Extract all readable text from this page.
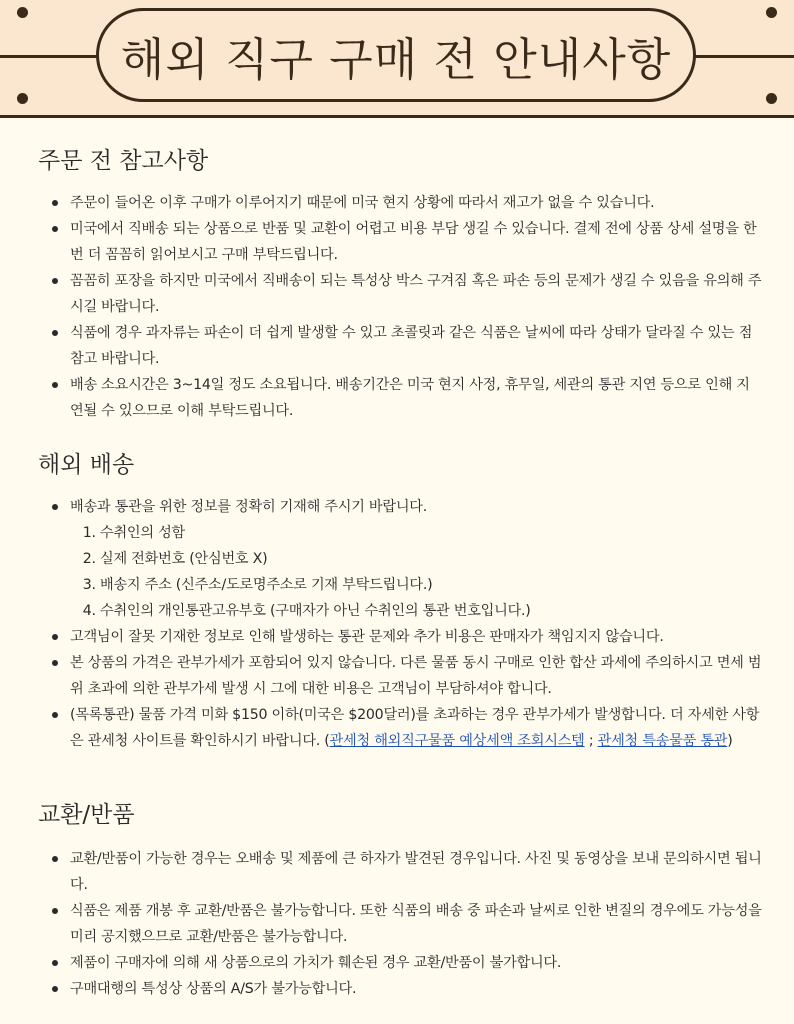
해외 직구 구매 전 안내사항
주문 전 참고사항
주문이 들어온 이후 구매가 이루어지기 때문에 미국 현지 상황에 따라서 재고가 없을 수 있습니다.
미국에서 직배송 되는 상품으로 반품 및 교환이 어렵고 비용 부담 생길 수 있습니다. 결제 전에 상품 상세 설명을 한 번 더 꼼꼼히 읽어보시고 구매 부탁드립니다.
꼼꼼히 포장을 하지만 미국에서 직배송이 되는 특성상 박스 구겨짐 혹은 파손 등의 문제가 생길 수 있음을 유의해 주시길 바랍니다.
식품에 경우 과자류는 파손이 더 쉽게 발생할 수 있고 초콜릿과 같은 식품은 날씨에 따라 상태가 달라질 수 있는 점 참고 바랍니다.
배송 소요시간은 3~14일 정도 소요됩니다. 배송기간은 미국 현지 사정, 휴무일, 세관의 통관 지연 등으로 인해 지연될 수 있으므로 이해 부탁드립니다.
해외 배송
배송과 통관을 위한 정보를 정확히 기재해 주시기 바랍니다.
1. 수취인의 성함
2. 실제 전화번호 (안심번호 X)
3. 배송지 주소 (신주소/도로명주소로 기재 부탁드립니다.)
4. 수취인의 개인통관고유부호 (구매자가 아닌 수취인의 통관 번호입니다.)
고객님이 잘못 기재한 정보로 인해 발생하는 통관 문제와 추가 비용은 판매자가 책임지지 않습니다.
본 상품의 가격은 관부가세가 포함되어 있지 않습니다. 다른 물품 동시 구매로 인한 합산 과세에 주의하시고 면세 범위 초과에 의한 관부가세 발생 시 그에 대한 비용은 고객님이 부담하셔야 합니다.
(목록통관) 물품 가격 미화 $150 이하(미국은 $200달러)를 초과하는 경우 관부가세가 발생합니다. 더 자세한 사항은 관세청 사이트를 확인하시기 바랍니다. (관세청 해외직구물품 예상세액 조회시스템 ; 관세청 특송물품 통관)
교환/반품
교환/반품이 가능한 경우는 오배송 및 제품에 큰 하자가 발견된 경우입니다. 사진 및 동영상을 보내 문의하시면 됩니다.
식품은 제품 개봉 후 교환/반품은 불가능합니다. 또한 식품의 배송 중 파손과 날씨로 인한 변질의 경우에도 가능성을 미리 공지했으므로 교환/반품은 불가능합니다.
제품이 구매자에 의해 새 상품으로의 가치가 훼손된 경우 교환/반품이 불가합니다.
구매대행의 특성상 상품의 A/S가 불가능합니다.
